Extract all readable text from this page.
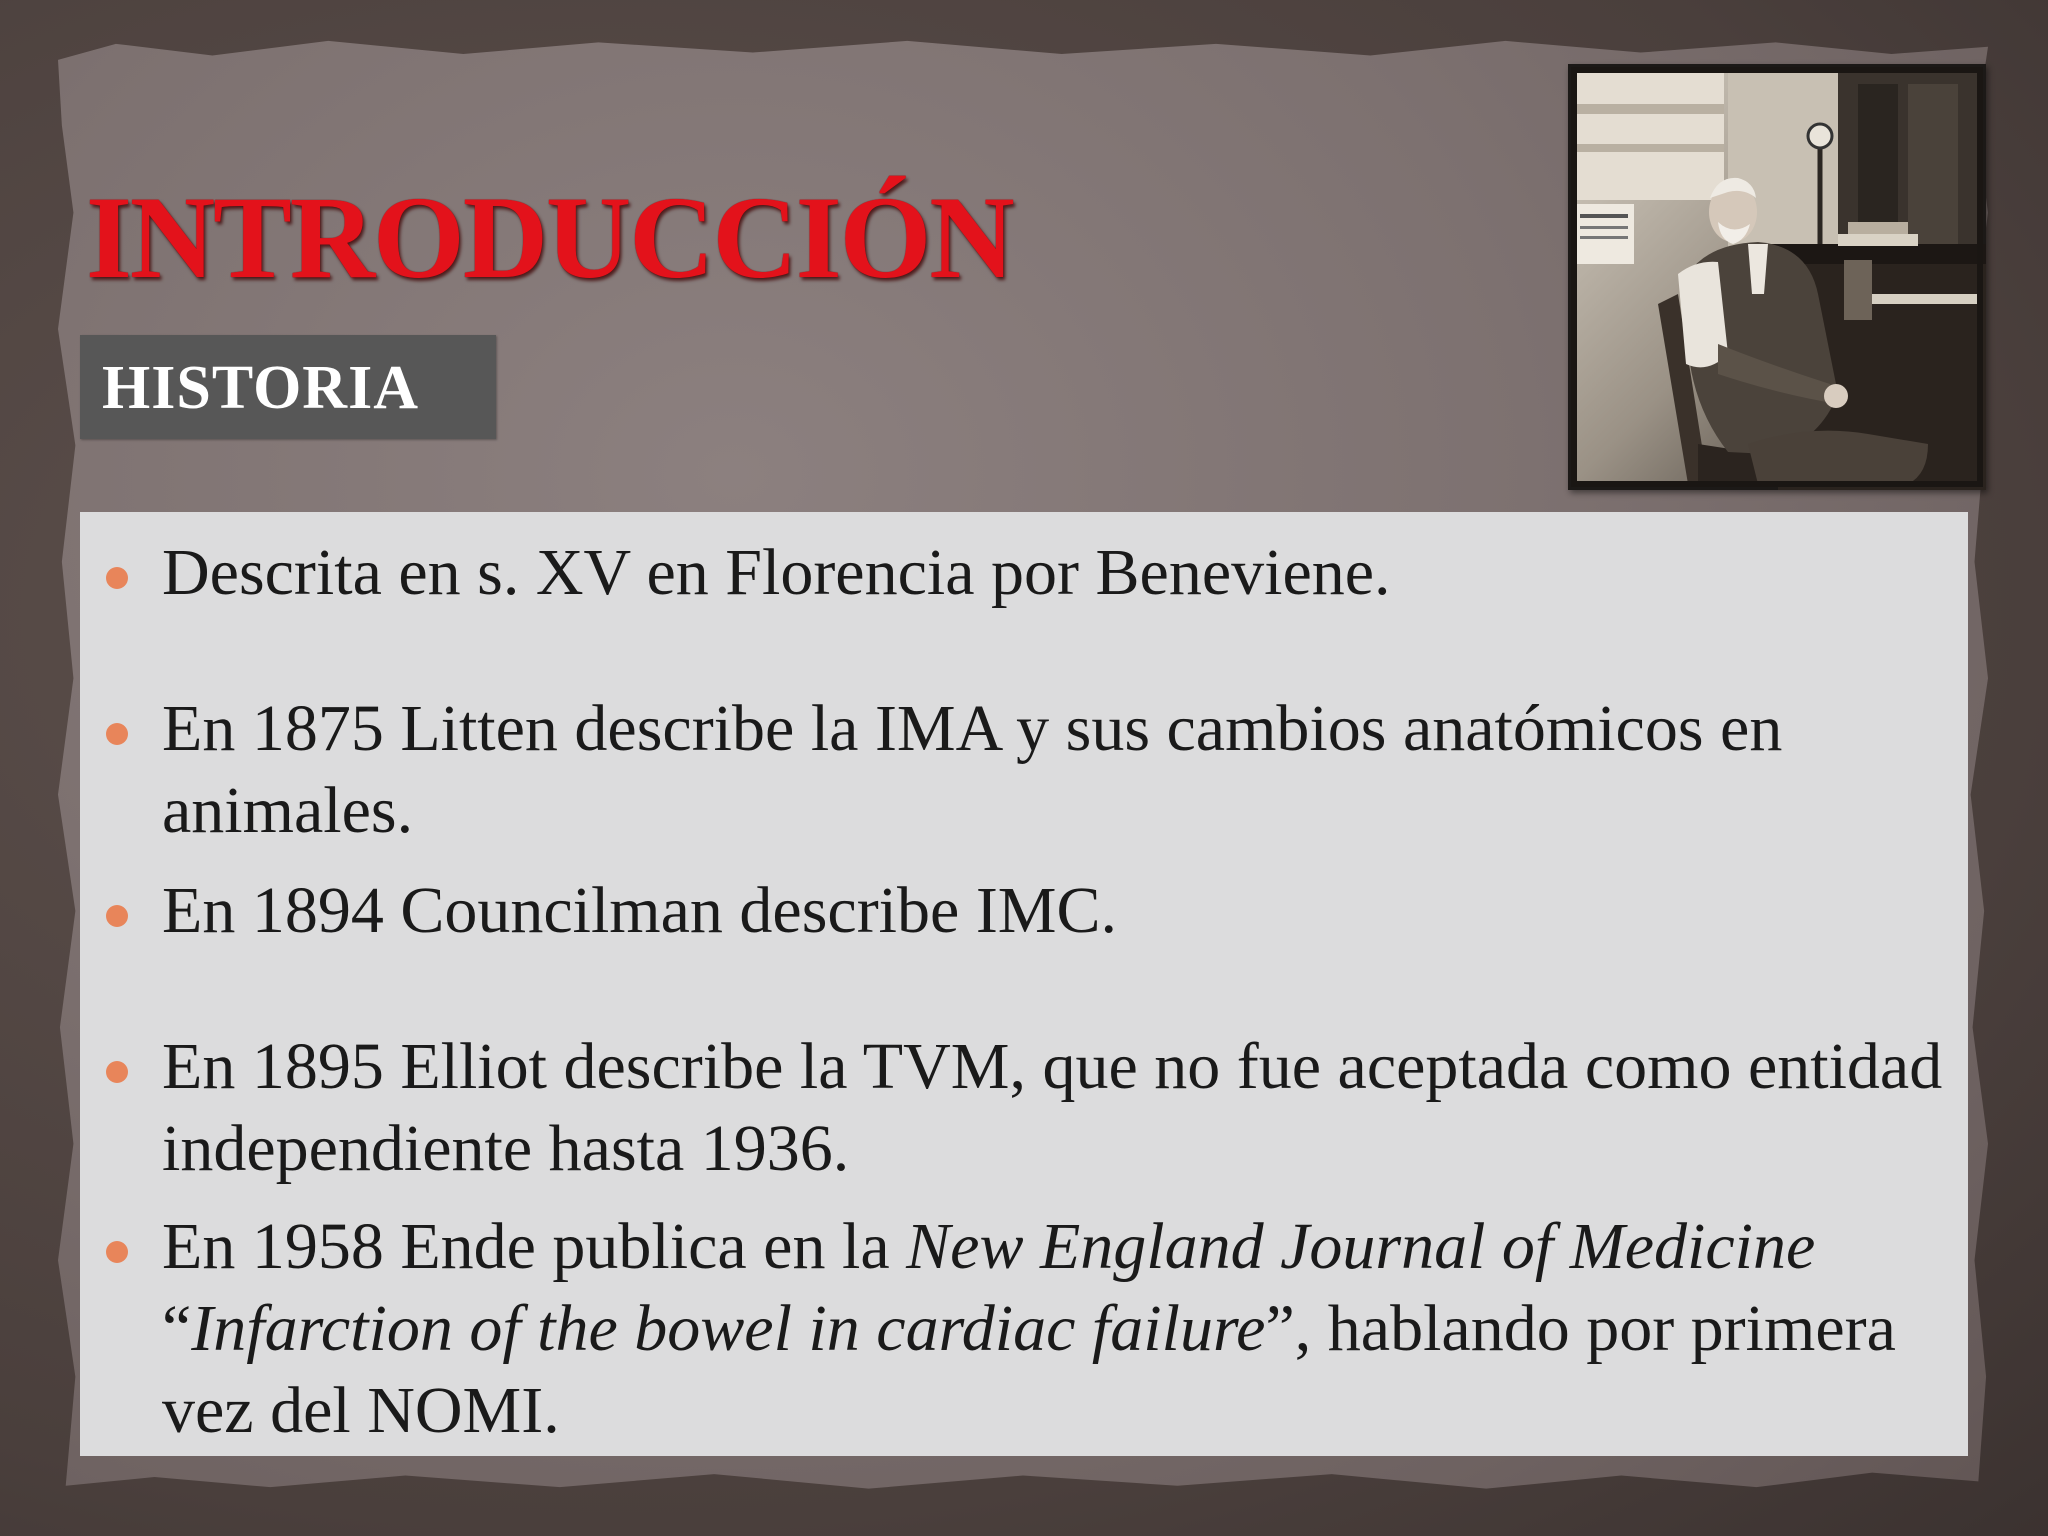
INTRODUCCIÓN
HISTORIA
Descrita en s. XV en Florencia por Beneviene.
En 1875 Litten describe la IMA y sus cambios anatómicos en animales.
En 1894 Councilman describe IMC.
En 1895 Elliot describe la TVM, que no fue aceptada como entidad independiente hasta 1936.
En 1958 Ende publica en la New England Journal of Medicine “Infarction of the bowel in cardiac failure”, hablando por primera vez del NOMI.
